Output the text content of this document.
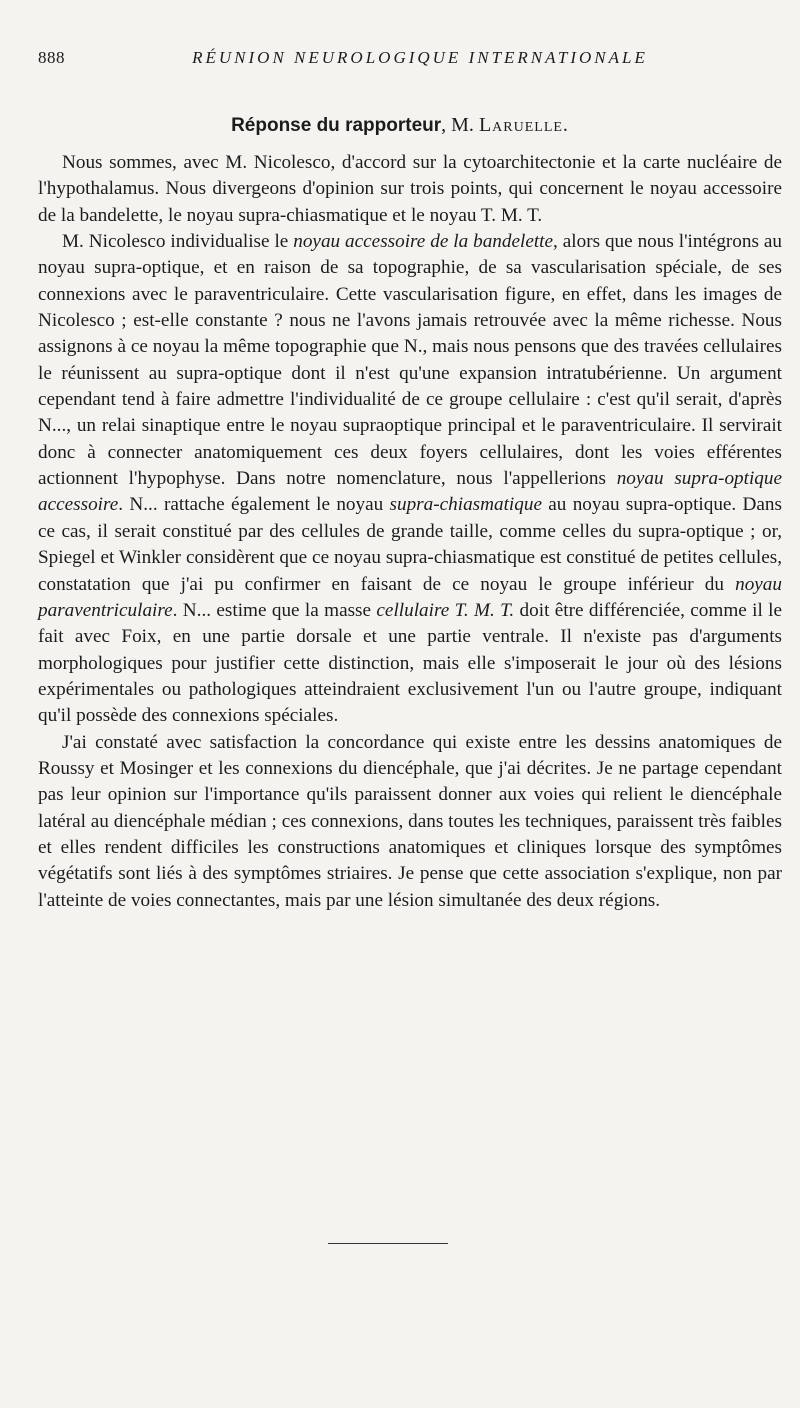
888	RÉUNION NEUROLOGIQUE INTERNATIONALE
Réponse du rapporteur, M. Laruelle.

Nous sommes, avec M. Nicolesco, d'accord sur la cytoarchitectonie et la carte nucléaire de l'hypothalamus. Nous divergeons d'opinion sur trois points, qui concernent le noyau accessoire de la bandelette, le noyau supra-chiasmatique et le noyau T. M. T.

M. Nicolesco individualise le noyau accessoire de la bandelette, alors que nous l'intégrons au noyau supra-optique, et en raison de sa topographie, de sa vascularisation spéciale, de ses connexions avec le paraventriculaire. Cette vascularisation figure, en effet, dans les images de Nicolesco ; est-elle constante ? nous ne l'avons jamais retrouvée avec la même richesse. Nous assignons à ce noyau la même topographie que N., mais nous pensons que des travées cellulaires le réunissent au supra-optique dont il n'est qu'une expansion intratubérienne. Un argument cependant tend à faire admettre l'individualité de ce groupe cellulaire : c'est qu'il serait, d'après N..., un relai sinaptique entre le noyau supraoptique principal et le paraventriculaire. Il servirait donc à connecter anatomiquement ces deux foyers cellulaires, dont les voies efférentes actionnent l'hypophyse. Dans notre nomenclature, nous l'appellerions noyau supra-optique accessoire. N... rattache également le noyau supra-chiasmatique au noyau supra-optique. Dans ce cas, il serait constitué par des cellules de grande taille, comme celles du supra-optique ; or, Spiegel et Winkler considèrent que ce noyau supra-chiasmatique est constitué de petites cellules, constatation que j'ai pu confirmer en faisant de ce noyau le groupe inférieur du noyau paraventriculaire. N... estime que la masse cellulaire T. M. T. doit être différenciée, comme il le fait avec Foix, en une partie dorsale et une partie ventrale. Il n'existe pas d'arguments morphologiques pour justifier cette distinction, mais elle s'imposerait le jour où des lésions expérimentales ou pathologiques atteindraient exclusivement l'un ou l'autre groupe, indiquant qu'il possède des connexions spéciales.

J'ai constaté avec satisfaction la concordance qui existe entre les dessins anatomiques de Roussy et Mosinger et les connexions du diencéphale, que j'ai décrites. Je ne partage cependant pas leur opinion sur l'importance qu'ils paraissent donner aux voies qui relient le diencéphale latéral au diencéphale médian ; ces connexions, dans toutes les techniques, paraissent très faibles et elles rendent difficiles les constructions anatomiques et cliniques lorsque des symptômes végétatifs sont liés à des symptômes striaires. Je pense que cette association s'explique, non par l'atteinte de voies connectantes, mais par une lésion simultanée des deux régions.
